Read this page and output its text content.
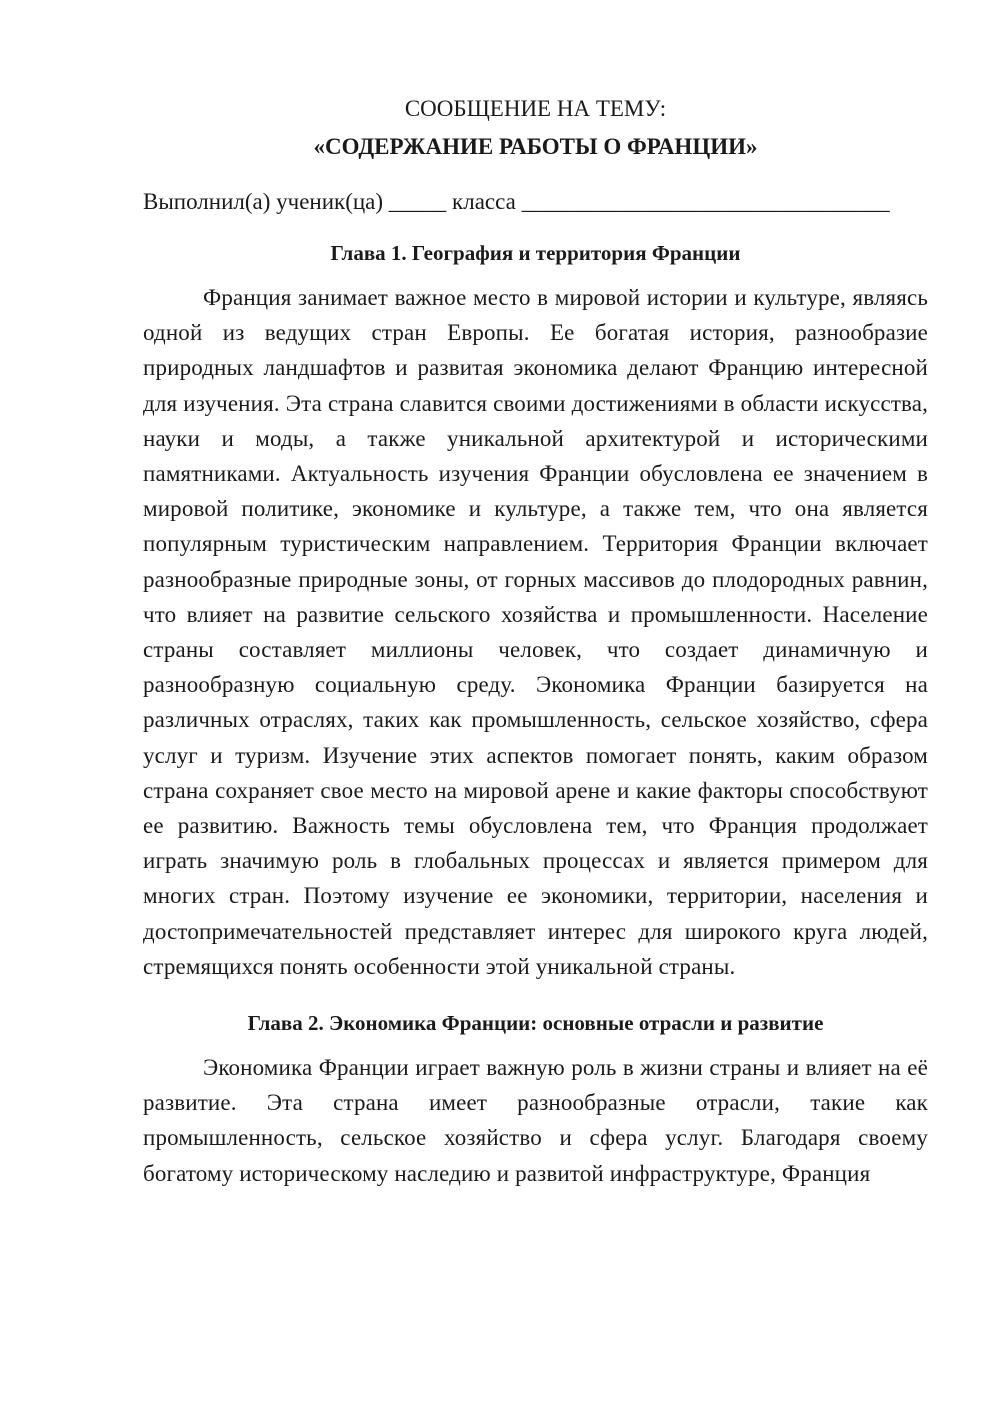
СООБЩЕНИЕ НА ТЕМУ:

«СОДЕРЖАНИЕ РАБОТЫ О ФРАНЦИИ»

Выполнил(а) ученик(ца) _____ класса ________________________________

Глава 1. География и территория Франции

Франция занимает важное место в мировой истории и культуре, являясь одной из ведущих стран Европы. Ее богатая история, разнообразие природных ландшафтов и развитая экономика делают Францию интересной для изучения. Эта страна славится своими достижениями в области искусства, науки и моды, а также уникальной архитектурой и историческими памятниками. Актуальность изучения Франции обусловлена ее значением в мировой политике, экономике и культуре, а также тем, что она является популярным туристическим направлением. Территория Франции включает разнообразные природные зоны, от горных массивов до плодородных равнин, что влияет на развитие сельского хозяйства и промышленности. Население страны составляет миллионы человек, что создает динамичную и разнообразную социальную среду. Экономика Франции базируется на различных отраслях, таких как промышленность, сельское хозяйство, сфера услуг и туризм. Изучение этих аспектов помогает понять, каким образом страна сохраняет свое место на мировой арене и какие факторы способствуют ее развитию. Важность темы обусловлена тем, что Франция продолжает играть значимую роль в глобальных процессах и является примером для многих стран. Поэтому изучение ее экономики, территории, населения и достопримечательностей представляет интерес для широкого круга людей, стремящихся понять особенности этой уникальной страны.

Глава 2. Экономика Франции: основные отрасли и развитие

Экономика Франции играет важную роль в жизни страны и влияет на её развитие. Эта страна имеет разнообразные отрасли, такие как промышленность, сельское хозяйство и сфера услуг. Благодаря своему богатому историческому наследию и развитой инфраструктуре, Франция
